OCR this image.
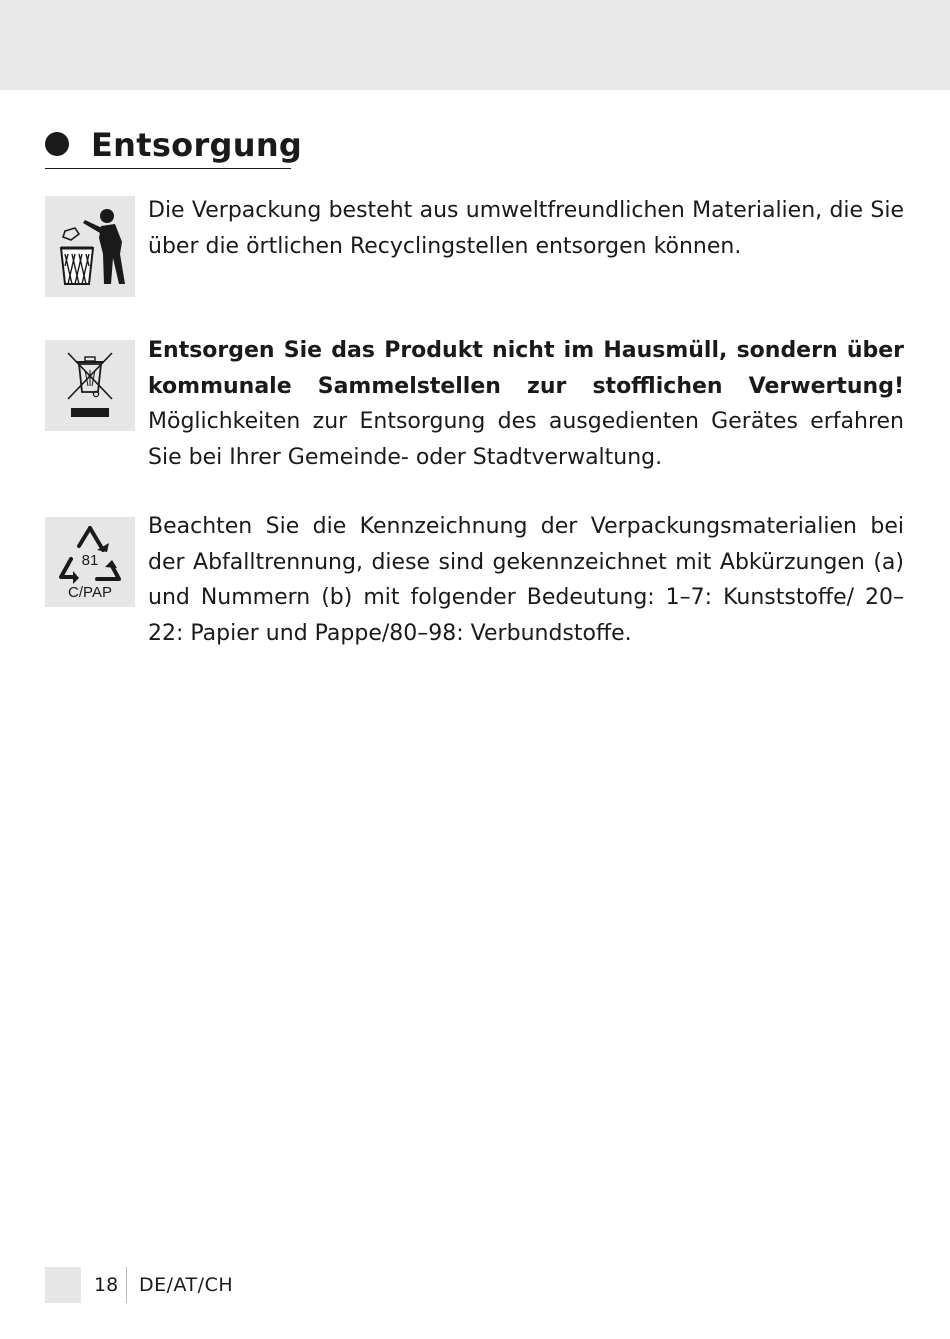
Entsorgung
Die Verpackung besteht aus umweltfreundlichen Materialien, die Sie über die örtlichen Recyclingstellen entsorgen können.
Entsorgen Sie das Produkt nicht im Hausmüll, sondern über kommunale Sammelstellen zur stofflichen Verwertung! Möglichkeiten zur Entsorgung des ausgedienten Gerätes erfahren Sie bei Ihrer Gemeinde- oder Stadtverwaltung.
81
C/PAP
Beachten Sie die Kennzeichnung der Verpackungsmaterialien bei der Abfalltrennung, diese sind gekennzeichnet mit Abkürzungen (a) und Nummern (b) mit folgender Bedeutung: 1–7: Kunststoffe/ 20–22: Papier und Pappe/80–98: Verbundstoffe.
18 DE/AT/CH
